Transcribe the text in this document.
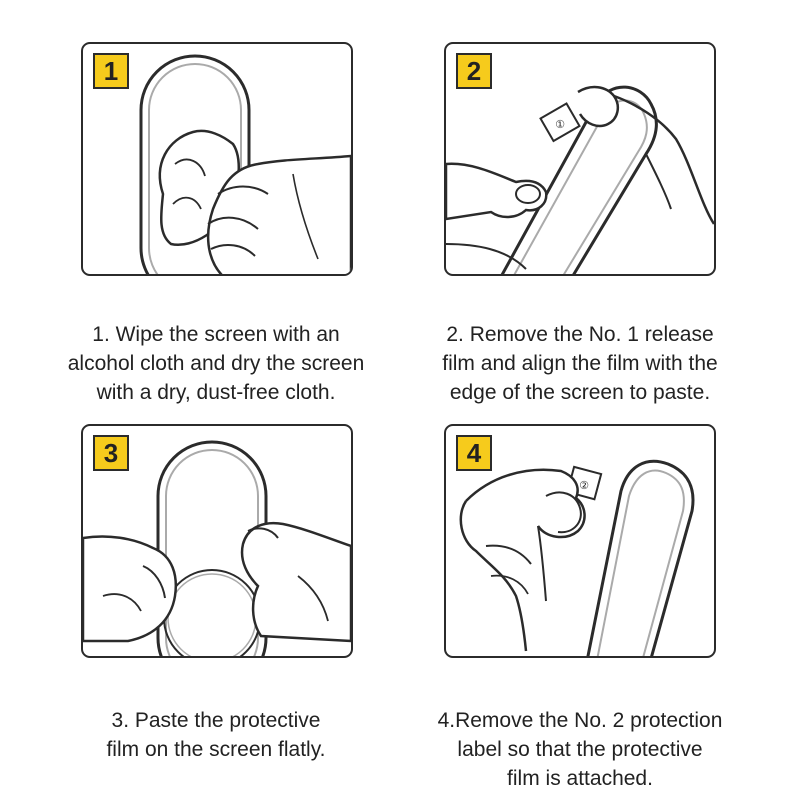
1
1. Wipe the screen with an
alcohol cloth and dry the screen
with a dry, dust-free cloth.
2
①
2. Remove the No. 1 release
film and align the film with the
edge of the screen to paste.
3
3. Paste the protective
film on the screen flatly.
4
②
4.Remove the No. 2 protection
label so that the protective
film is attached.
